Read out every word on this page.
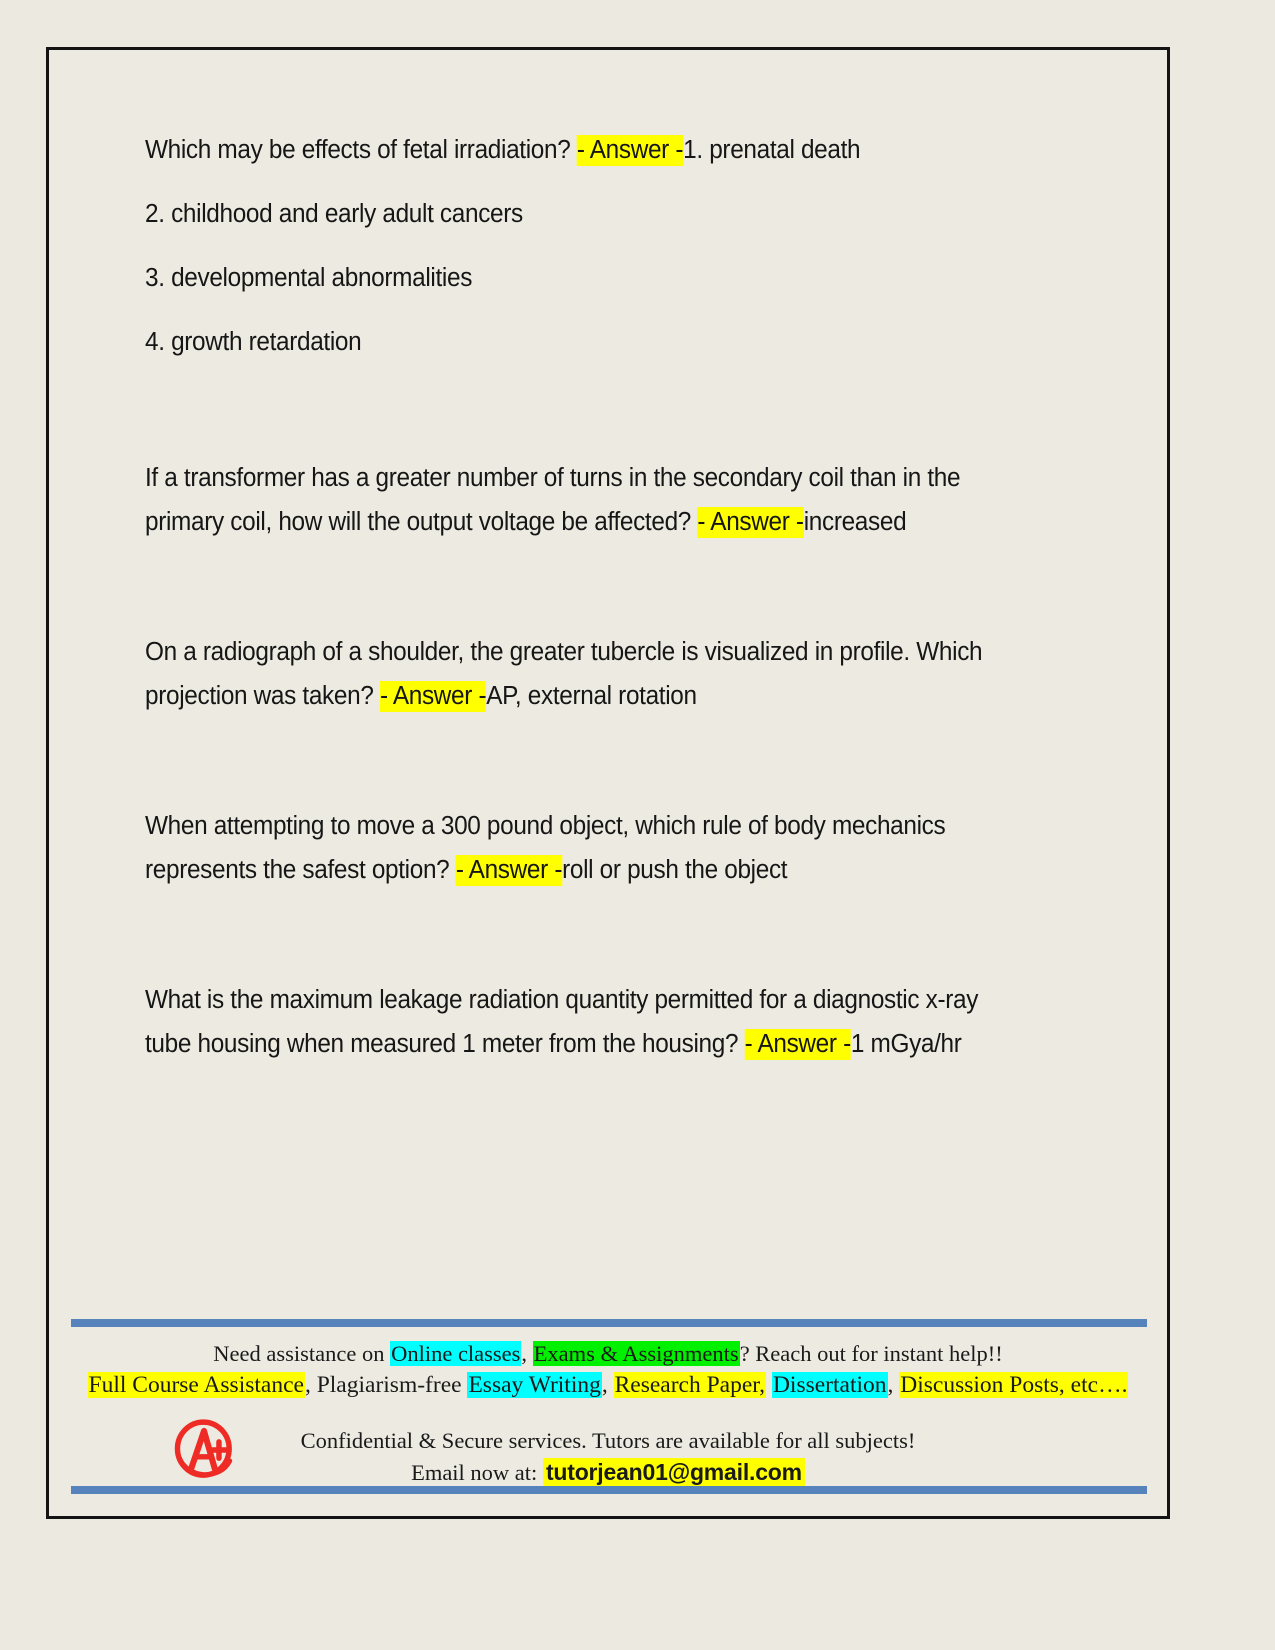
Which may be effects of fetal irradiation? - Answer -1. prenatal death

2. childhood and early adult cancers

3. developmental abnormalities

4. growth retardation

If a transformer has a greater number of turns in the secondary coil than in the primary coil, how will the output voltage be affected? - Answer -increased

On a radiograph of a shoulder, the greater tubercle is visualized in profile. Which projection was taken? - Answer -AP, external rotation

When attempting to move a 300 pound object, which rule of body mechanics represents the safest option? - Answer -roll or push the object

What is the maximum leakage radiation quantity permitted for a diagnostic x-ray tube housing when measured 1 meter from the housing? - Answer -1 mGya/hr

Need assistance on Online classes, Exams & Assignments? Reach out for instant help!!
Full Course Assistance, Plagiarism-free Essay Writing, Research Paper, Dissertation, Discussion Posts, etc….
Confidential & Secure services. Tutors are available for all subjects!
Email now at: tutorjean01@gmail.com
